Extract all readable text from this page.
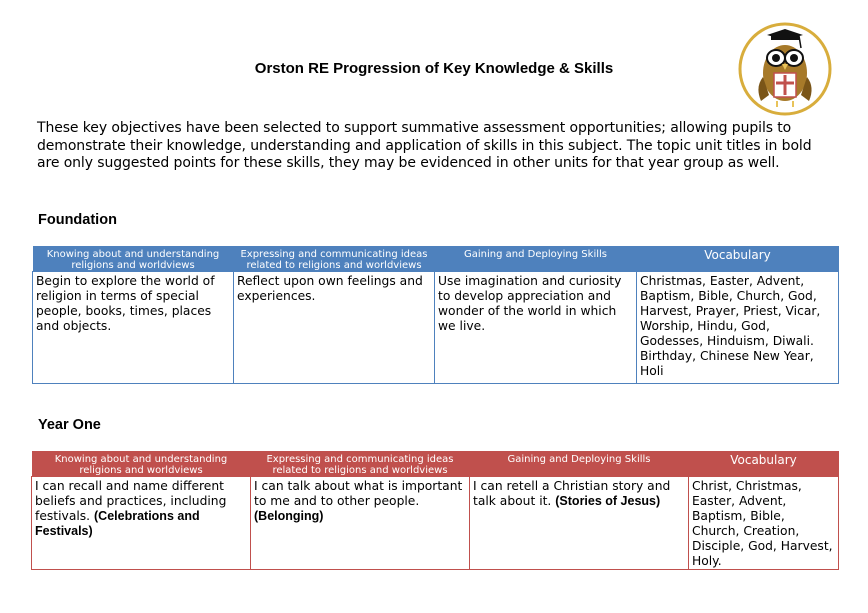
Orston RE Progression of Key Knowledge & Skills
These key objectives have been selected to support summative assessment opportunities; allowing pupils to demonstrate their knowledge, understanding and application of skills in this subject. The topic unit titles in bold are only suggested points for these skills, they may be evidenced in other units for that year group as well.
Foundation
Knowing about and understanding religions and worldviews	Expressing and communicating ideas related to religions and worldviews	Gaining and Deploying Skills	Vocabulary
Begin to explore the world of religion in terms of special people, books, times, places and objects.	Reflect upon own feelings and experiences.	Use imagination and curiosity to develop appreciation and wonder of the world in which we live.	Christmas, Easter, Advent, Baptism, Bible, Church, God, Harvest, Prayer, Priest, Vicar, Worship, Hindu, God, Godesses, Hinduism, Diwali. Birthday, Chinese New Year, Holi
Year One
Knowing about and understanding religions and worldviews	Expressing and communicating ideas related to religions and worldviews	Gaining and Deploying Skills	Vocabulary
I can recall and name different beliefs and practices, including festivals. (Celebrations and Festivals)	I can talk about what is important to me and to other people. (Belonging)	I can retell a Christian story and talk about it. (Stories of Jesus)	Christ, Christmas, Easter, Advent, Baptism, Bible, Church, Creation, Disciple, God, Harvest, Holy.
